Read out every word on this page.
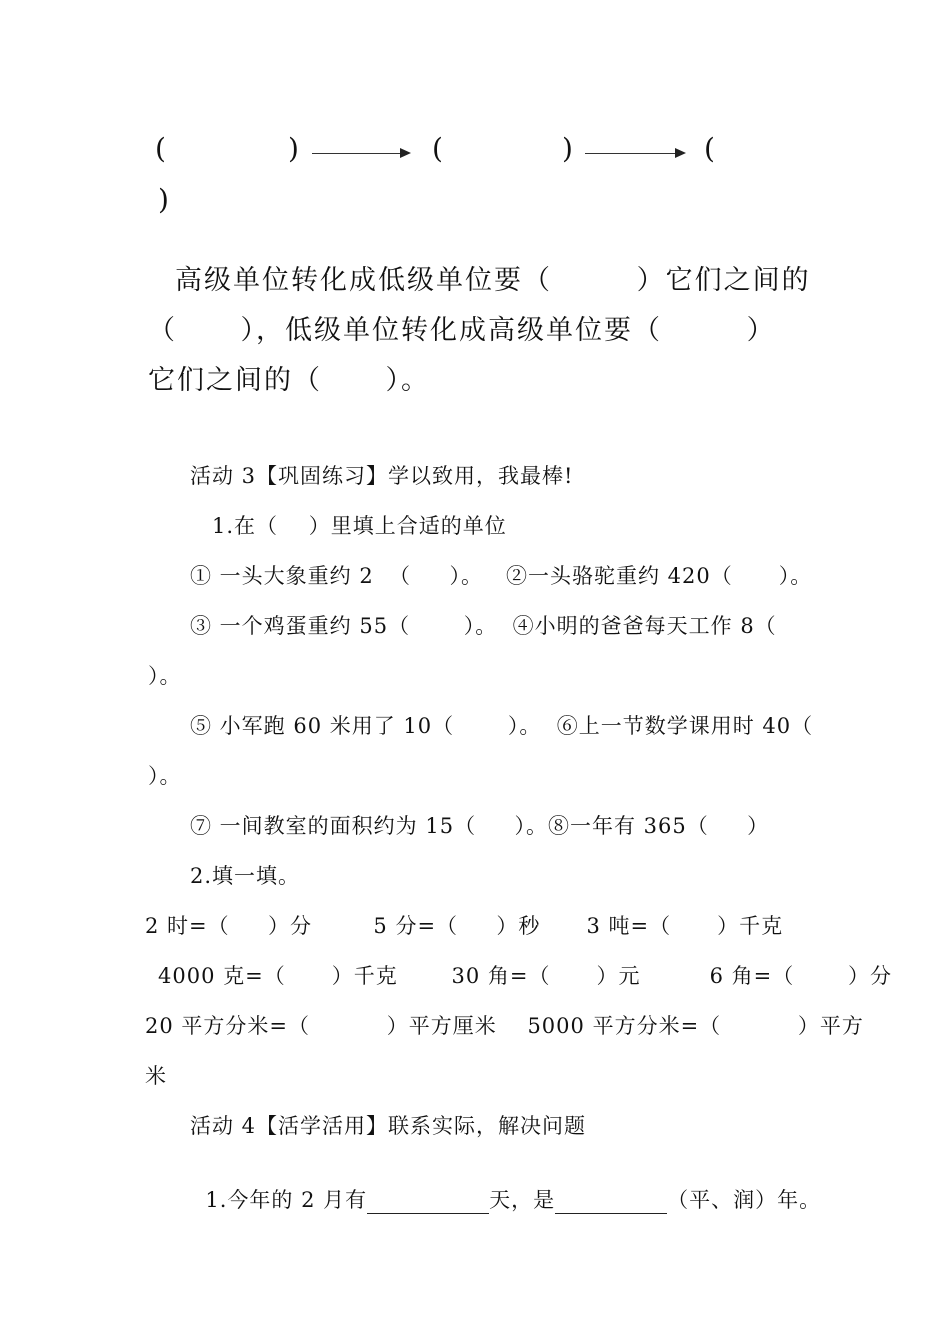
(	)	(	)	(
)
高级单位转化成低级单位要（        ）它们之间的
（      ），低级单位转化成高级单位要（        ）
它们之间的（      ）。
活动 3【巩固练习】学以致用，我最棒!
1.在（    ）里填上合适的单位
① 一头大象重约 2  （     ）。   ②一头骆驼重约 420（      ）。
③ 一个鸡蛋重约 55（       ）。  ④小明的爸爸每天工作 8（
）。
⑤ 小军跑 60 米用了 10（       ）。  ⑥上一节数学课用时 40（
）。
⑦ 一间教室的面积约为 15（     ）。⑧一年有 365（     ）
2.填一填。
2 时=（     ）分        5 分=（     ）秒      3 吨=（      ）千克
4000 克=（      ）千克       30 角=（      ）元         6 角=（       ）分
20 平方分米=（          ）平方厘米    5000 平方分米=（          ）平方
米
活动 4【活学活用】联系实际，解决问题

1.今年的 2 月有	天，是	（平、润）年。
